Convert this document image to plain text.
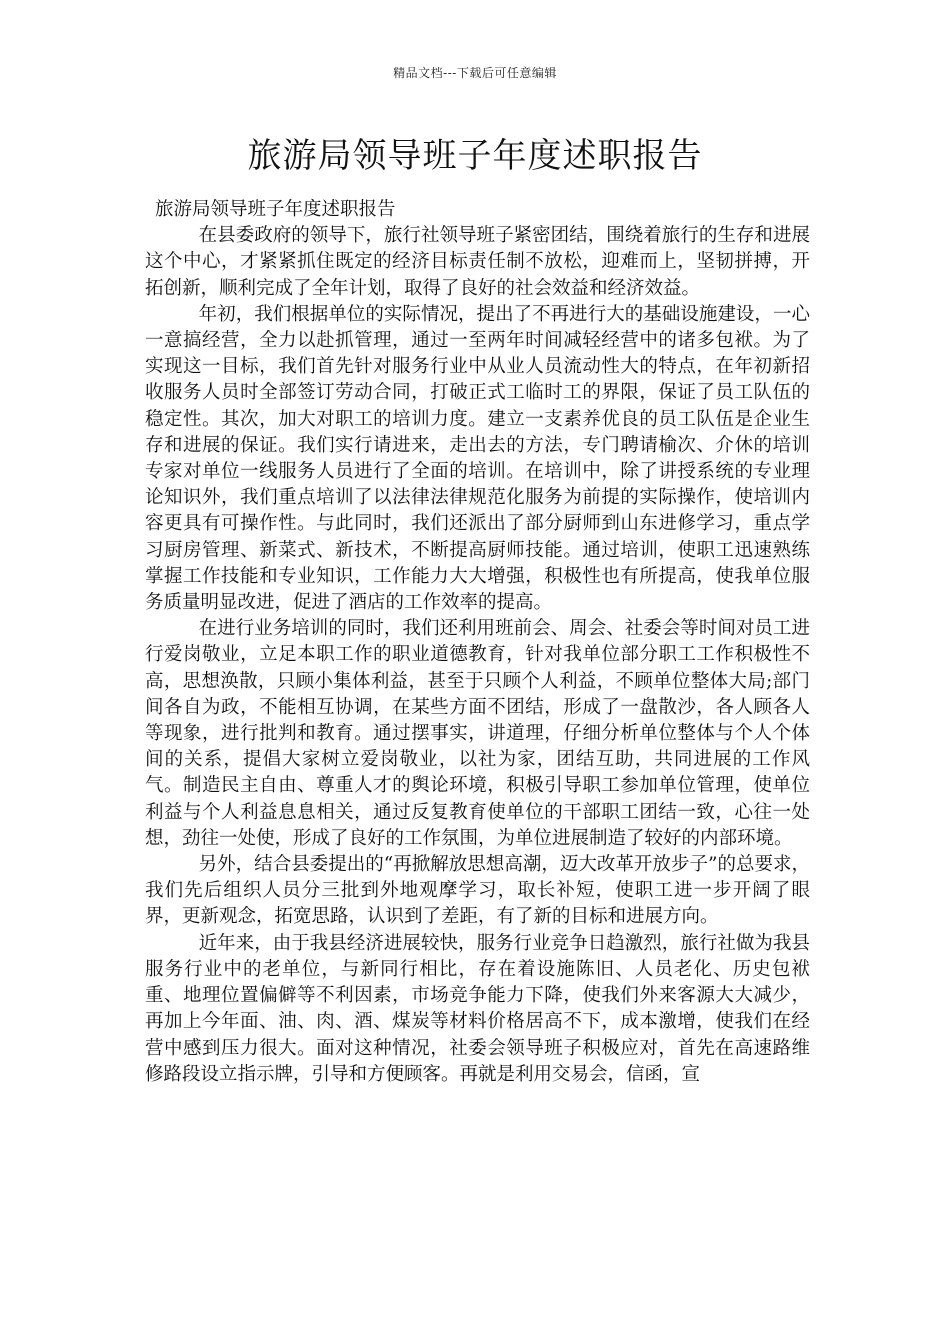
精品文档---下载后可任意编辑
旅游局领导班子年度述职报告

旅游局领导班子年度述职报告

在县委政府的领导下，旅行社领导班子紧密团结，围绕着旅行的生存和进展这个中心，才紧紧抓住既定的经济目标责任制不放松，迎难而上，坚韧拼搏，开拓创新，顺利完成了全年计划，取得了良好的社会效益和经济效益。

年初，我们根据单位的实际情况，提出了不再进行大的基础设施建设，一心一意搞经营，全力以赴抓管理，通过一至两年时间减轻经营中的诸多包袱。为了实现这一目标，我们首先针对服务行业中从业人员流动性大的特点，在年初新招收服务人员时全部签订劳动合同，打破正式工临时工的界限，保证了员工队伍的稳定性。其次，加大对职工的培训力度。建立一支素养优良的员工队伍是企业生存和进展的保证。我们实行请进来，走出去的方法，专门聘请榆次、介休的培训专家对单位一线服务人员进行了全面的培训。在培训中，除了讲授系统的专业理论知识外，我们重点培训了以法律法律规范化服务为前提的实际操作，使培训内容更具有可操作性。与此同时，我们还派出了部分厨师到山东进修学习，重点学习厨房管理、新菜式、新技术，不断提高厨师技能。通过培训，使职工迅速熟练掌握工作技能和专业知识，工作能力大大增强，积极性也有所提高，使我单位服务质量明显改进，促进了酒店的工作效率的提高。

在进行业务培训的同时，我们还利用班前会、周会、社委会等时间对员工进行爱岗敬业，立足本职工作的职业道德教育，针对我单位部分职工工作积极性不高，思想涣散，只顾小集体利益，甚至于只顾个人利益，不顾单位整体大局;部门间各自为政，不能相互协调，在某些方面不团结，形成了一盘散沙，各人顾各人等现象，进行批判和教育。通过摆事实，讲道理，仔细分析单位整体与个人个体间的关系，提倡大家树立爱岗敬业，以社为家，团结互助，共同进展的工作风气。制造民主自由、尊重人才的舆论环境，积极引导职工参加单位管理，使单位利益与个人利益息息相关，通过反复教育使单位的干部职工团结一致，心往一处想，劲往一处使，形成了良好的工作氛围，为单位进展制造了较好的内部环境。

另外，结合县委提出的“再掀解放思想高潮，迈大改革开放步子”的总要求，我们先后组织人员分三批到外地观摩学习，取长补短，使职工进一步开阔了眼界，更新观念，拓宽思路，认识到了差距，有了新的目标和进展方向。

近年来，由于我县经济进展较快，服务行业竞争日趋激烈，旅行社做为我县服务行业中的老单位，与新同行相比，存在着设施陈旧、人员老化、历史包袱重、地理位置偏僻等不利因素，市场竞争能力下降，使我们外来客源大大减少，再加上今年面、油、肉、酒、煤炭等材料价格居高不下，成本激增，使我们在经营中感到压力很大。面对这种情况，社委会领导班子积极应对，首先在高速路维修路段设立指示牌，引导和方便顾客。再就是利用交易会，信函，宣
